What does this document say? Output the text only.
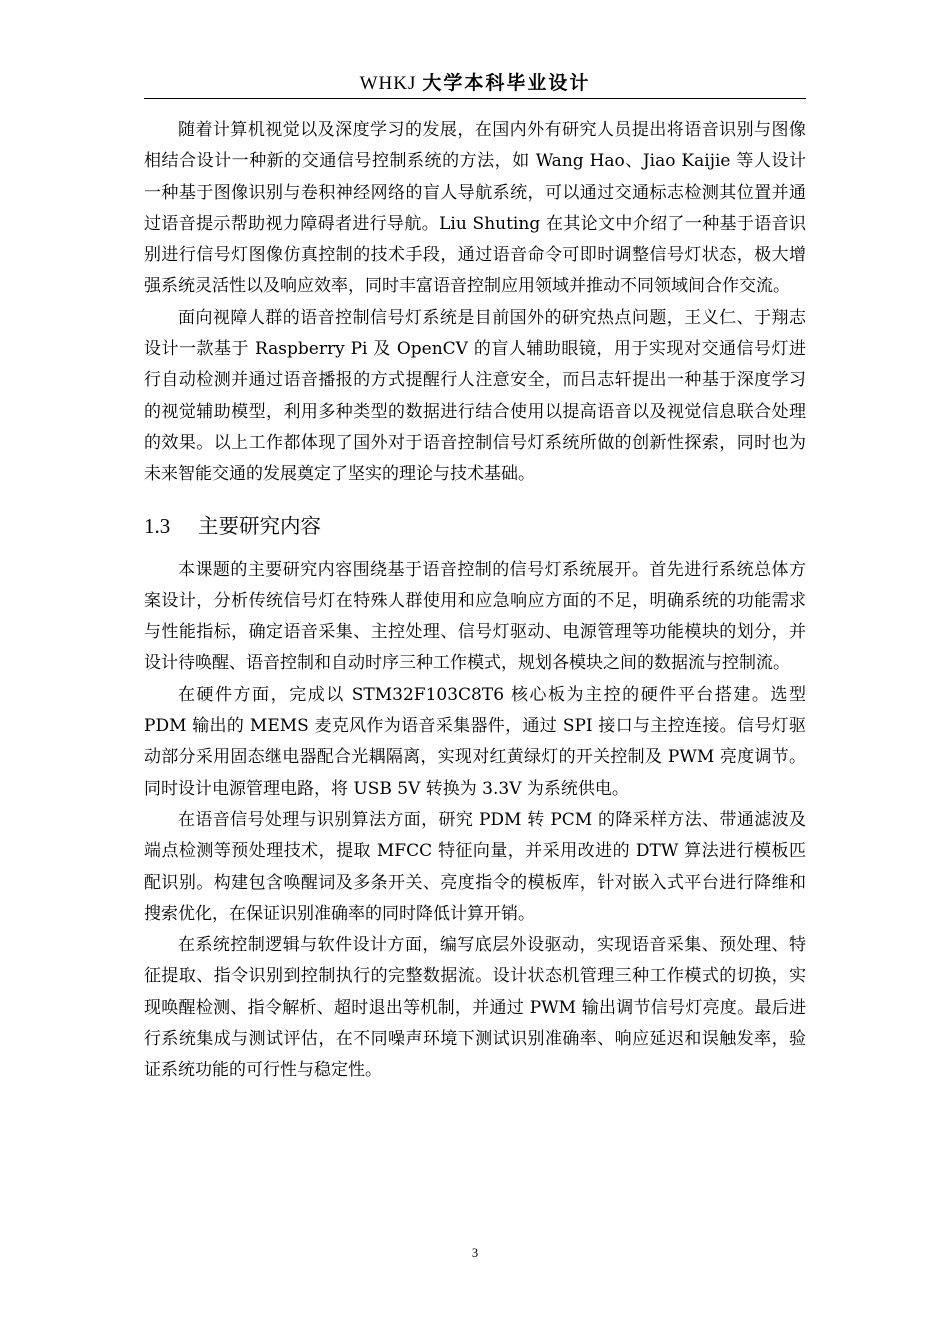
WHKJ 大学本科毕业设计

随着计算机视觉以及深度学习的发展，在国内外有研究人员提出将语音识别与图像相结合设计一种新的交通信号控制系统的方法，如 Wang Hao、Jiao Kaijie 等人设计一种基于图像识别与卷积神经网络的盲人导航系统，可以通过交通标志检测其位置并通过语音提示帮助视力障碍者进行导航。Liu Shuting 在其论文中介绍了一种基于语音识别进行信号灯图像仿真控制的技术手段，通过语音命令可即时调整信号灯状态，极大增强系统灵活性以及响应效率，同时丰富语音控制应用领域并推动不同领域间合作交流。

面向视障人群的语音控制信号灯系统是目前国外的研究热点问题，王义仁、于翔志设计一款基于 Raspberry Pi 及 OpenCV 的盲人辅助眼镜，用于实现对交通信号灯进行自动检测并通过语音播报的方式提醒行人注意安全，而吕志轩提出一种基于深度学习的视觉辅助模型，利用多种类型的数据进行结合使用以提高语音以及视觉信息联合处理的效果。以上工作都体现了国外对于语音控制信号灯系统所做的创新性探索，同时也为未来智能交通的发展奠定了坚实的理论与技术基础。

1.3 主要研究内容

本课题的主要研究内容围绕基于语音控制的信号灯系统展开。首先进行系统总体方案设计，分析传统信号灯在特殊人群使用和应急响应方面的不足，明确系统的功能需求与性能指标，确定语音采集、主控处理、信号灯驱动、电源管理等功能模块的划分，并设计待唤醒、语音控制和自动时序三种工作模式，规划各模块之间的数据流与控制流。

在硬件方面，完成以 STM32F103C8T6 核心板为主控的硬件平台搭建。选型 PDM 输出的 MEMS 麦克风作为语音采集器件，通过 SPI 接口与主控连接。信号灯驱动部分采用固态继电器配合光耦隔离，实现对红黄绿灯的开关控制及 PWM 亮度调节。同时设计电源管理电路，将 USB 5V 转换为 3.3V 为系统供电。

在语音信号处理与识别算法方面，研究 PDM 转 PCM 的降采样方法、带通滤波及端点检测等预处理技术，提取 MFCC 特征向量，并采用改进的 DTW 算法进行模板匹配识别。构建包含唤醒词及多条开关、亮度指令的模板库，针对嵌入式平台进行降维和搜索优化，在保证识别准确率的同时降低计算开销。

在系统控制逻辑与软件设计方面，编写底层外设驱动，实现语音采集、预处理、特征提取、指令识别到控制执行的完整数据流。设计状态机管理三种工作模式的切换，实现唤醒检测、指令解析、超时退出等机制，并通过 PWM 输出调节信号灯亮度。最后进行系统集成与测试评估，在不同噪声环境下测试识别准确率、响应延迟和误触发率，验证系统功能的可行性与稳定性。

3
